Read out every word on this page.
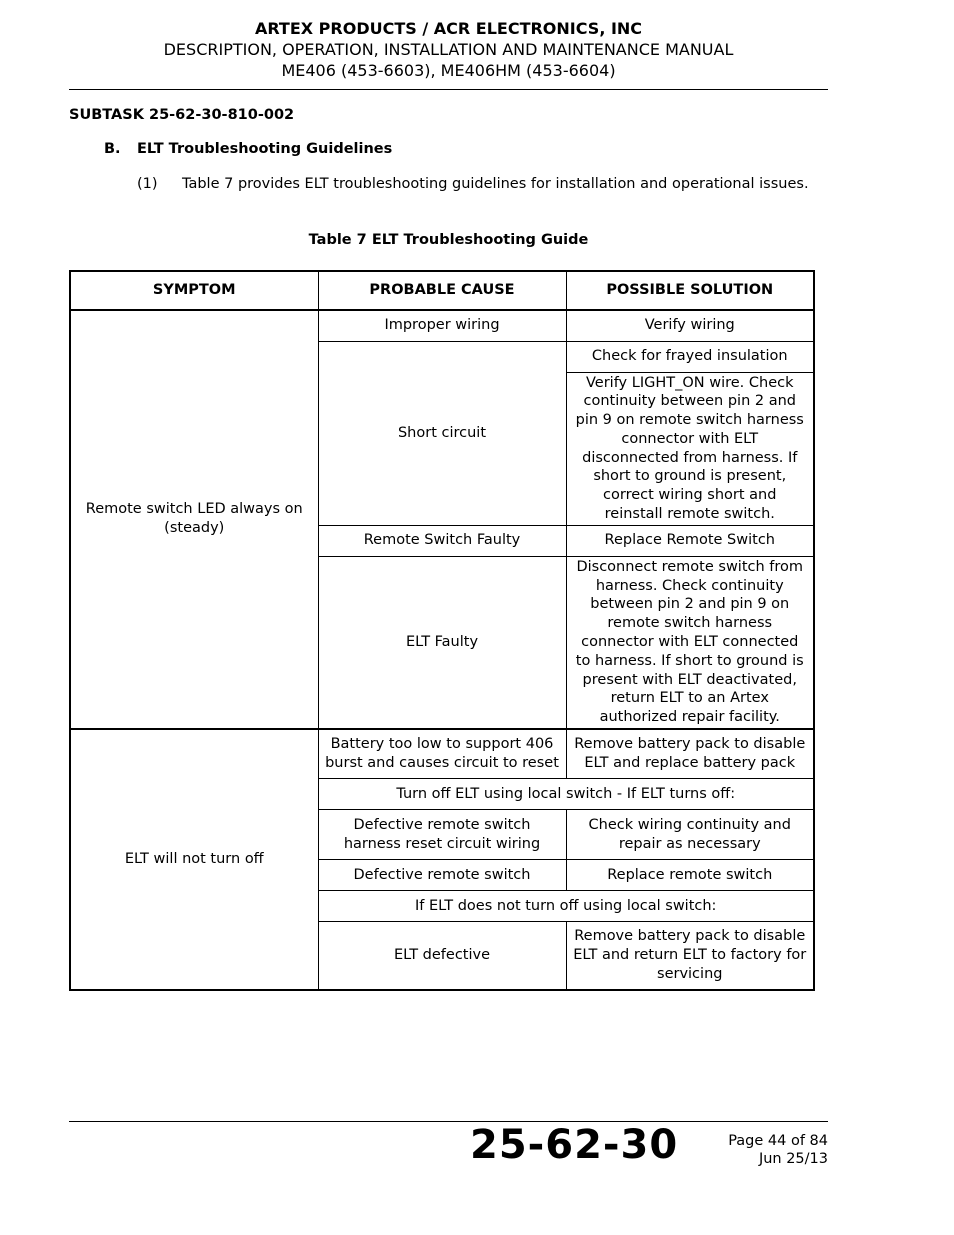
ARTEX PRODUCTS / ACR ELECTRONICS, INC
DESCRIPTION, OPERATION, INSTALLATION AND MAINTENANCE MANUAL
ME406 (453-6603), ME406HM (453-6604)
SUBTASK 25-62-30-810-002
B. ELT Troubleshooting Guidelines
(1) Table 7 provides ELT troubleshooting guidelines for installation and operational issues.
Table 7 ELT Troubleshooting Guide
SYMPTOM	PROBABLE CAUSE	POSSIBLE SOLUTION
Remote switch LED always on (steady)	Improper wiring	Verify wiring
	Short circuit	Check for frayed insulation
		Verify LIGHT_ON wire. Check continuity between pin 2 and pin 9 on remote switch harness connector with ELT disconnected from harness. If short to ground is present, correct wiring short and reinstall remote switch.
	Remote Switch Faulty	Replace Remote Switch
	ELT Faulty	Disconnect remote switch from harness. Check continuity between pin 2 and pin 9 on remote switch harness connector with ELT connected to harness. If short to ground is present with ELT deactivated, return ELT to an Artex authorized repair facility.

ELT will not turn off	Battery too low to support 406 burst and causes circuit to reset	Remove battery pack to disable ELT and replace battery pack
	Turn off ELT using local switch - If ELT turns off:	
	Defective remote switch harness reset circuit wiring	Check wiring continuity and repair as necessary
	Defective remote switch	Replace remote switch
	If ELT does not turn off using local switch:	
	ELT defective	Remove battery pack to disable ELT and return ELT to factory for servicing
25-62-30	Page 44 of 84
Jun 25/13
